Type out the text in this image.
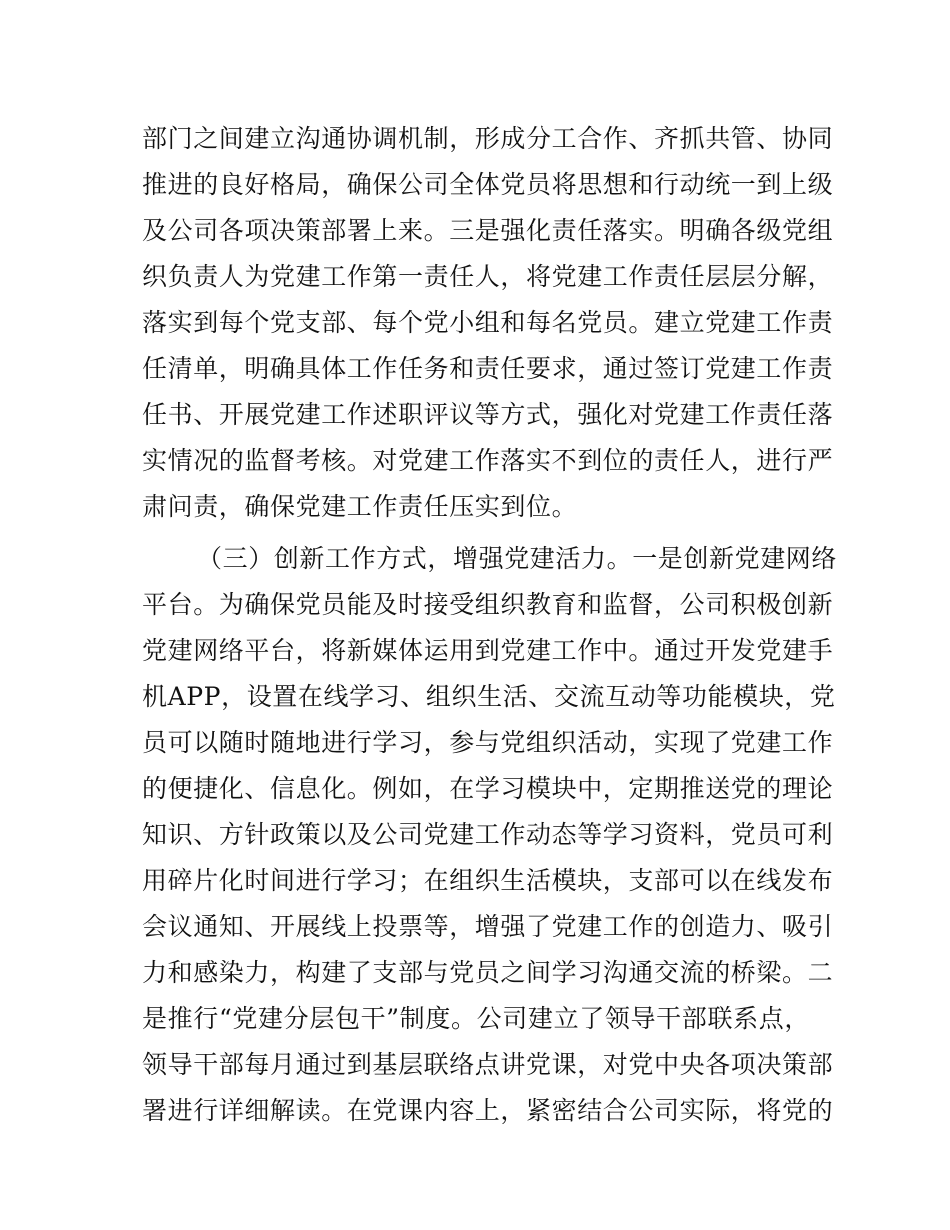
部门之间建立沟通协调机制，形成分工合作、齐抓共管、协同
推进的良好格局，确保公司全体党员将思想和行动统一到上级
及公司各项决策部署上来。三是强化责任落实。明确各级党组
织负责人为党建工作第一责任人，将党建工作责任层层分解，
落实到每个党支部、每个党小组和每名党员。建立党建工作责
任清单，明确具体工作任务和责任要求，通过签订党建工作责
任书、开展党建工作述职评议等方式，强化对党建工作责任落
实情况的监督考核。对党建工作落实不到位的责任人，进行严
肃问责，确保党建工作责任压实到位。
（三）创新工作方式，增强党建活力。一是创新党建网络
平台。为确保党员能及时接受组织教育和监督，公司积极创新
党建网络平台，将新媒体运用到党建工作中。通过开发党建手
机APP，设置在线学习、组织生活、交流互动等功能模块，党
员可以随时随地进行学习，参与党组织活动，实现了党建工作
的便捷化、信息化。例如，在学习模块中，定期推送党的理论
知识、方针政策以及公司党建工作动态等学习资料，党员可利
用碎片化时间进行学习；在组织生活模块，支部可以在线发布
会议通知、开展线上投票等，增强了党建工作的创造力、吸引
力和感染力，构建了支部与党员之间学习沟通交流的桥梁。二
是推行“党建分层包干”制度。公司建立了领导干部联系点，
领导干部每月通过到基层联络点讲党课，对党中央各项决策部
署进行详细解读。在党课内容上，紧密结合公司实际，将党的
